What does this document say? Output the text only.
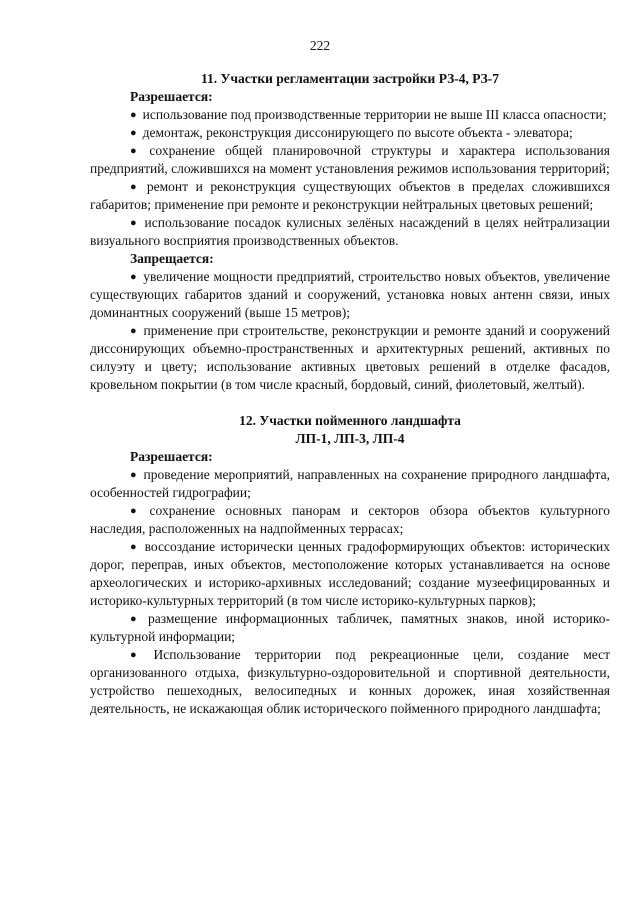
222

11. Участки регламентации застройки РЗ-4, РЗ-7

Разрешается:

● использование под производственные территории не выше III класса опасности;

● демонтаж, реконструкция диссонирующего по высоте объекта - элеватора;

● сохранение общей планировочной структуры и характера использования предприятий, сложившихся на момент установления режимов использования территорий;

● ремонт и реконструкция существующих объектов в пределах сложившихся габаритов; применение при ремонте и реконструкции нейтральных цветовых решений;

● использование посадок кулисных зелёных насаждений в целях нейтрализации визуального восприятия производственных объектов.

Запрещается:

● увеличение мощности предприятий, строительство новых объектов, увеличение существующих габаритов зданий и сооружений, установка новых антенн связи, иных доминантных сооружений (выше 15 метров);

● применение при строительстве, реконструкции и ремонте зданий и сооружений диссонирующих объемно-пространственных и архитектурных решений, активных по силуэту и цвету; использование активных цветовых решений в отделке фасадов, кровельном покрытии (в том числе красный, бордовый, синий, фиолетовый, желтый).

12. Участки пойменного ландшафта

ЛП-1, ЛП-3, ЛП-4

Разрешается:

● проведение мероприятий, направленных на сохранение природного ландшафта, особенностей гидрографии;

● сохранение основных панорам и секторов обзора объектов культурного наследия, расположенных на надпойменных террасах;

● воссоздание исторически ценных градоформирующих объектов: исторических дорог, переправ, иных объектов, местоположение которых устанавливается на основе археологических и историко-архивных исследований; создание музеефицированных и историко-культурных территорий (в том числе историко-культурных парков);

● размещение информационных табличек, памятных знаков, иной историко-культурной информации;

● Использование территории под рекреационные цели, создание мест организованного отдыха, физкультурно-оздоровительной и спортивной деятельности, устройство пешеходных, велосипедных и конных дорожек, иная хозяйственная деятельность, не искажающая облик исторического пойменного природного ландшафта;
